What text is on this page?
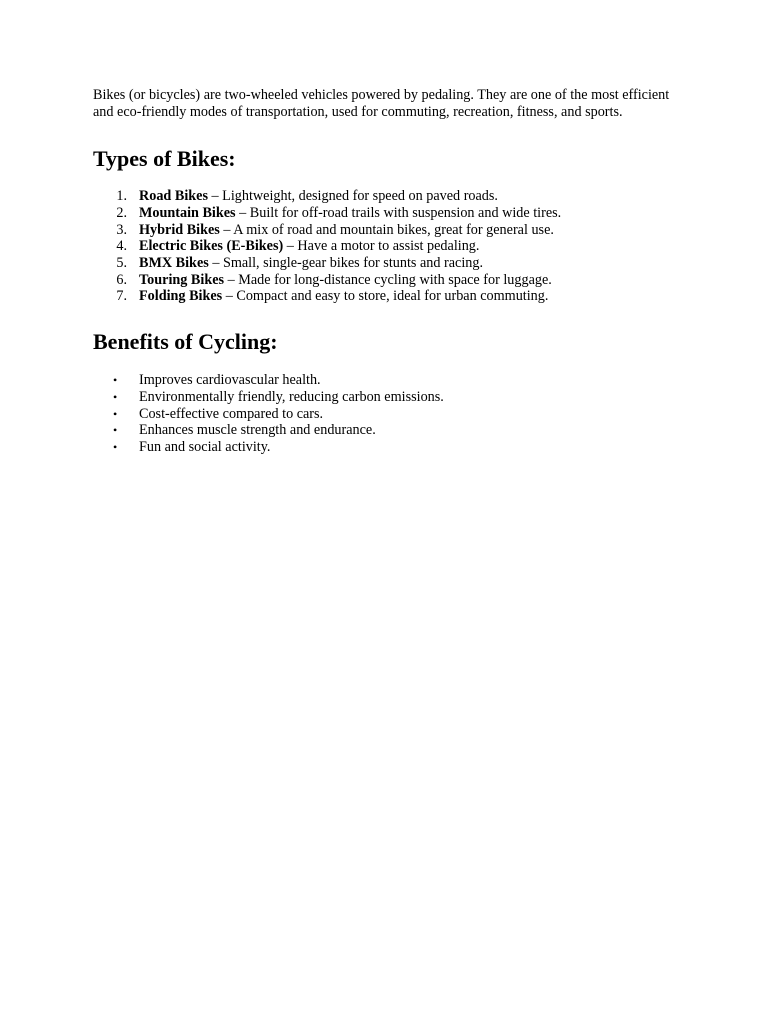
Bikes (or bicycles) are two-wheeled vehicles powered by pedaling. They are one of the most efficient and eco-friendly modes of transportation, used for commuting, recreation, fitness, and sports.

Types of Bikes:
1. Road Bikes – Lightweight, designed for speed on paved roads.
2. Mountain Bikes – Built for off-road trails with suspension and wide tires.
3. Hybrid Bikes – A mix of road and mountain bikes, great for general use.
4. Electric Bikes (E-Bikes) – Have a motor to assist pedaling.
5. BMX Bikes – Small, single-gear bikes for stunts and racing.
6. Touring Bikes – Made for long-distance cycling with space for luggage.
7. Folding Bikes – Compact and easy to store, ideal for urban commuting.
Benefits of Cycling:
• Improves cardiovascular health.
• Environmentally friendly, reducing carbon emissions.
• Cost-effective compared to cars.
• Enhances muscle strength and endurance.
• Fun and social activity.
